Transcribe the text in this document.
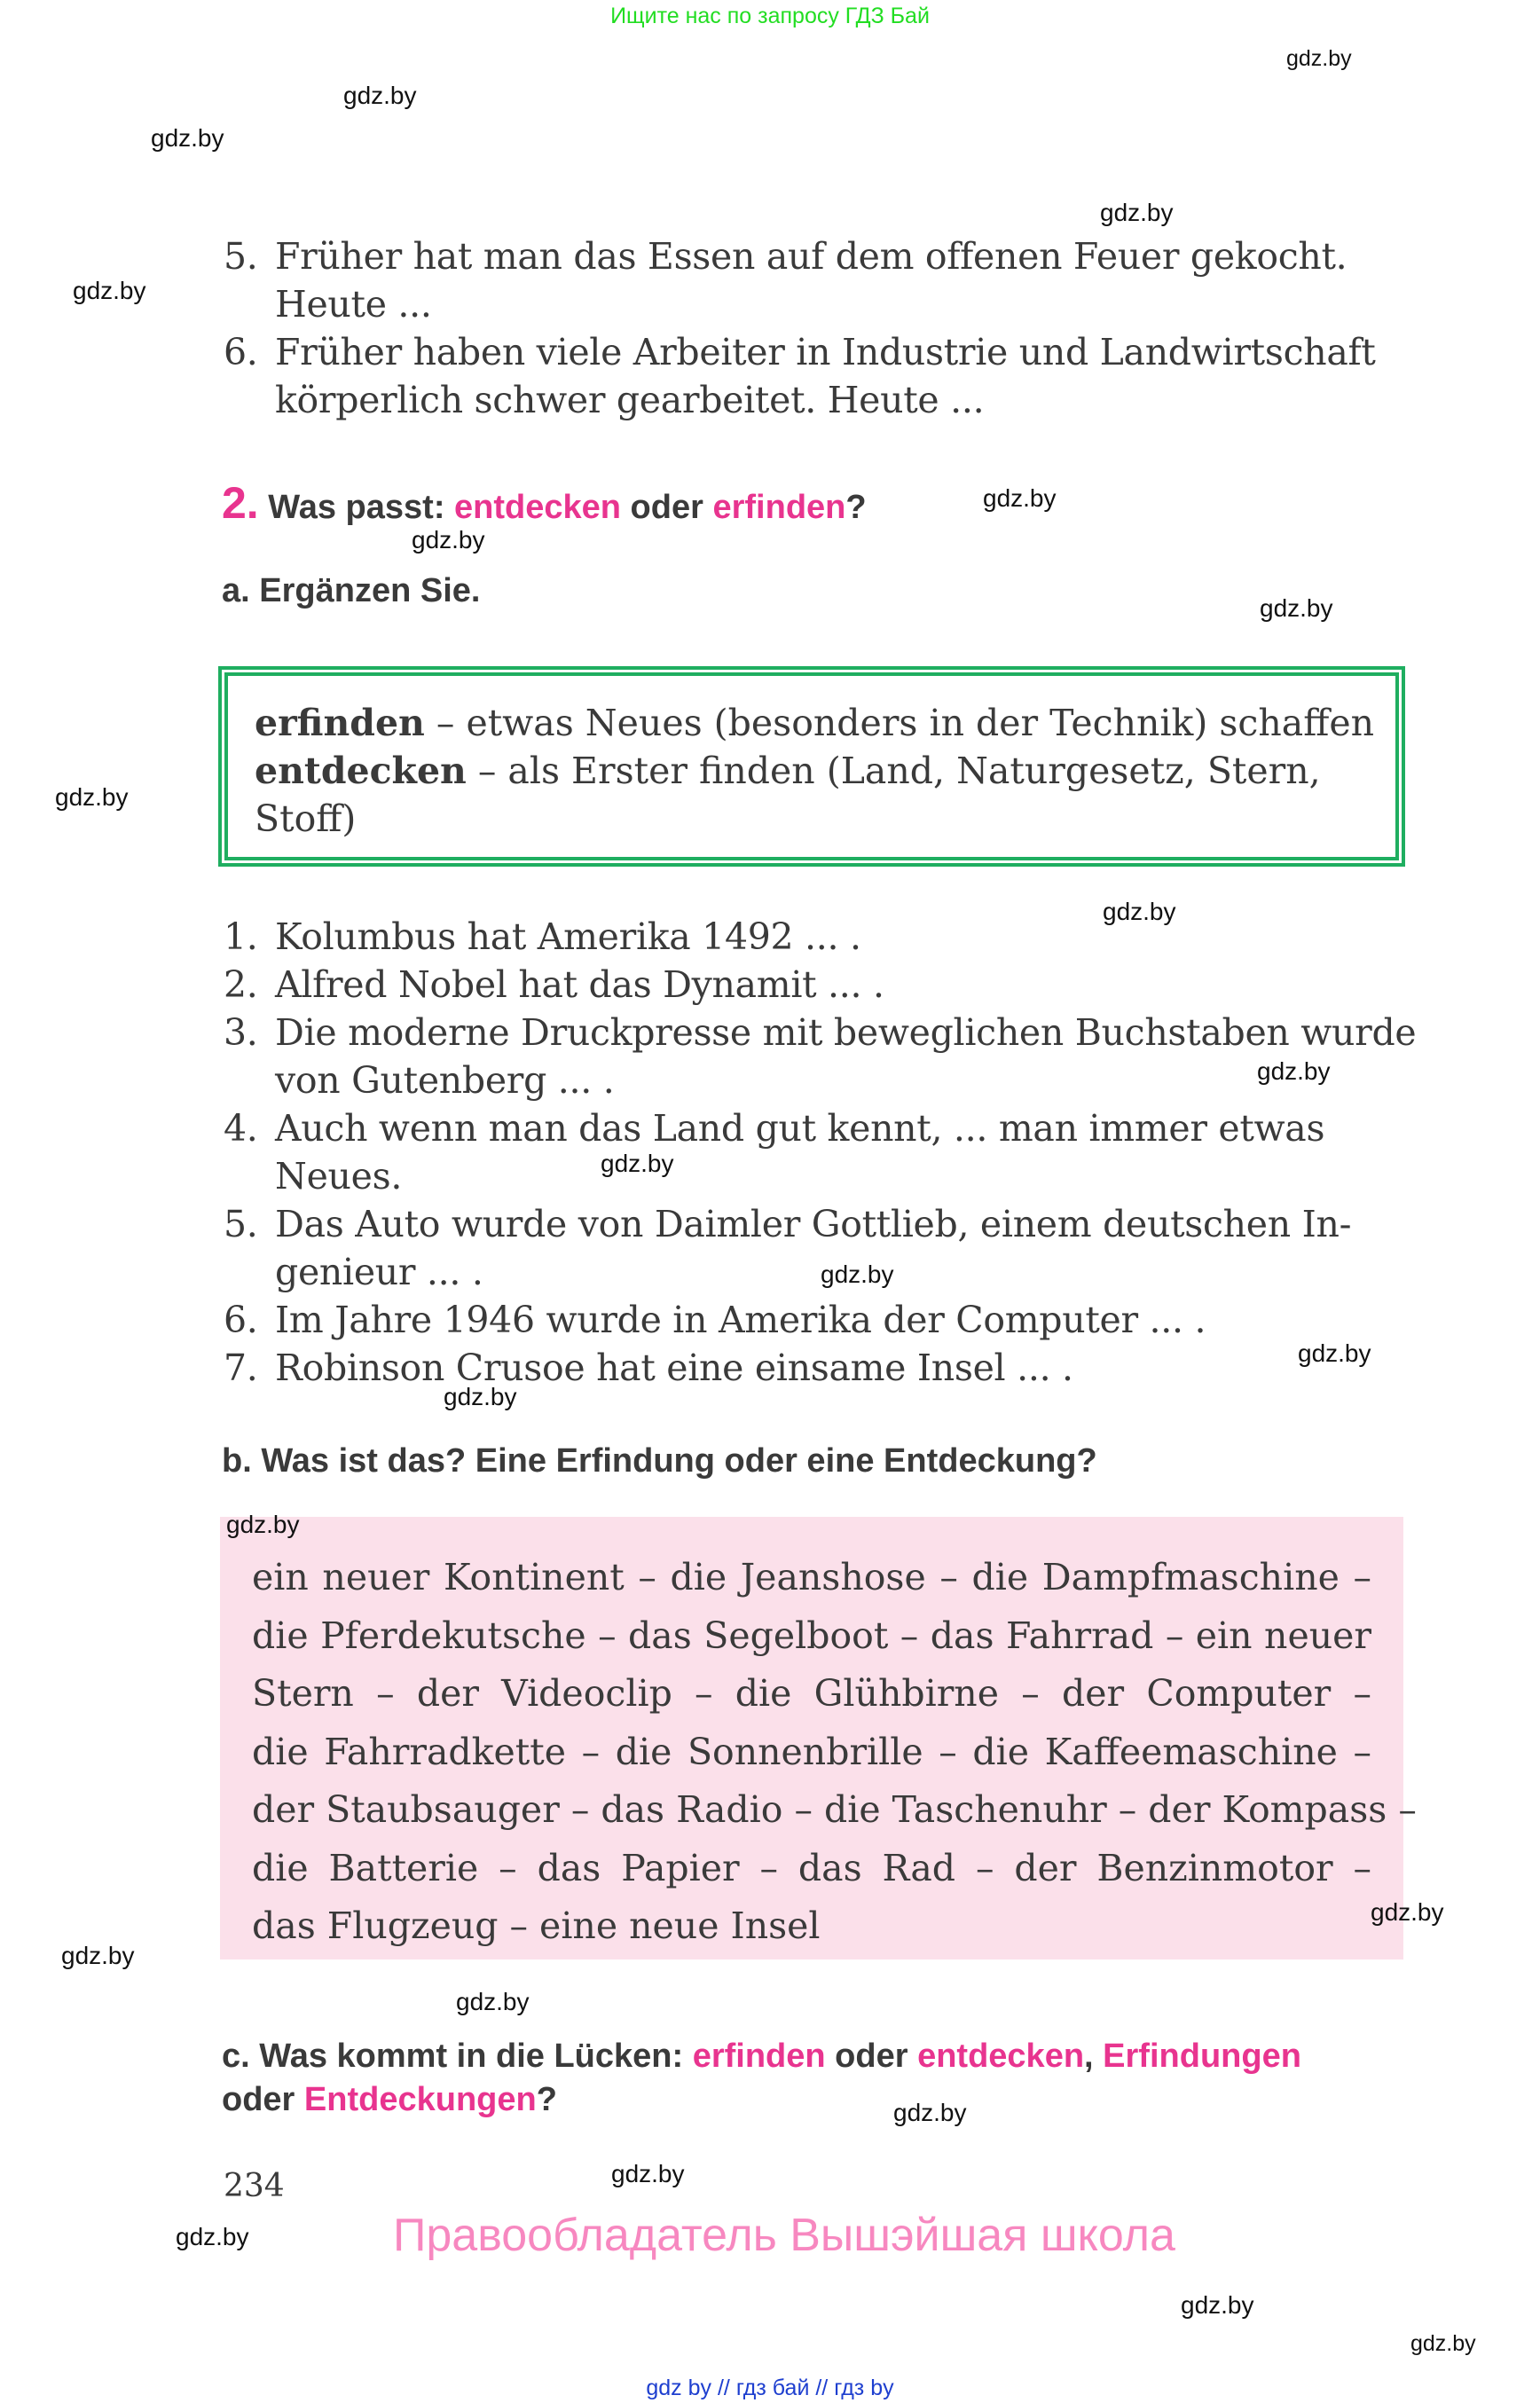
Ищите нас по запросу ГДЗ Бай
5. Früher hat man das Essen auf dem offenen Feuer gekocht.
Heute ...
6. Früher haben viele Arbeiter in Industrie und Landwirtschaft
körperlich schwer gearbeitet. Heute ...
2. Was passt: entdecken oder erfinden?
a. Ergänzen Sie.
erfinden – etwas Neues (besonders in der Technik) schaffen
entdecken – als Erster finden (Land, Naturgesetz, Stern,
Stoff)
1. Kolumbus hat Amerika 1492 ... .
2. Alfred Nobel hat das Dynamit ... .
3. Die moderne Druckpresse mit beweglichen Buchstaben wurde
von Gutenberg ... .
4. Auch wenn man das Land gut kennt, ... man immer etwas
Neues.
5. Das Auto wurde von Daimler Gottlieb, einem deutschen In-
genieur ... .
6. Im Jahre 1946 wurde in Amerika der Computer ... .
7. Robinson Crusoe hat eine einsame Insel ... .
b. Was ist das? Eine Erfindung oder eine Entdeckung?
ein neuer Kontinent – die Jeanshose – die Dampfmaschine –
die Pferdekutsche – das Segelboot – das Fahrrad – ein neuer
Stern – der Videoclip – die Glühbirne – der Computer –
die Fahrradkette – die Sonnenbrille – die Kaffeemaschine –
der Staubsauger – das Radio – die Taschenuhr – der Kompass –
die Batterie – das Papier – das Rad – der Benzinmotor –
das Flugzeug – eine neue Insel
c. Was kommt in die Lücken: erfinden oder entdecken, Erfindungen
oder Entdeckungen?
234
Правообладатель Вышэйшая школа
gdz by // гдз бай // гдз by
gdz.by
gdz.by
gdz.by
gdz.by
gdz.by
gdz.by
gdz.by
gdz.by
gdz.by
gdz.by
gdz.by
gdz.by
gdz.by
gdz.by
gdz.by
gdz.by
gdz.by
gdz.by
gdz.by
gdz.by
gdz.by
gdz.by
gdz.by
gdz.by
